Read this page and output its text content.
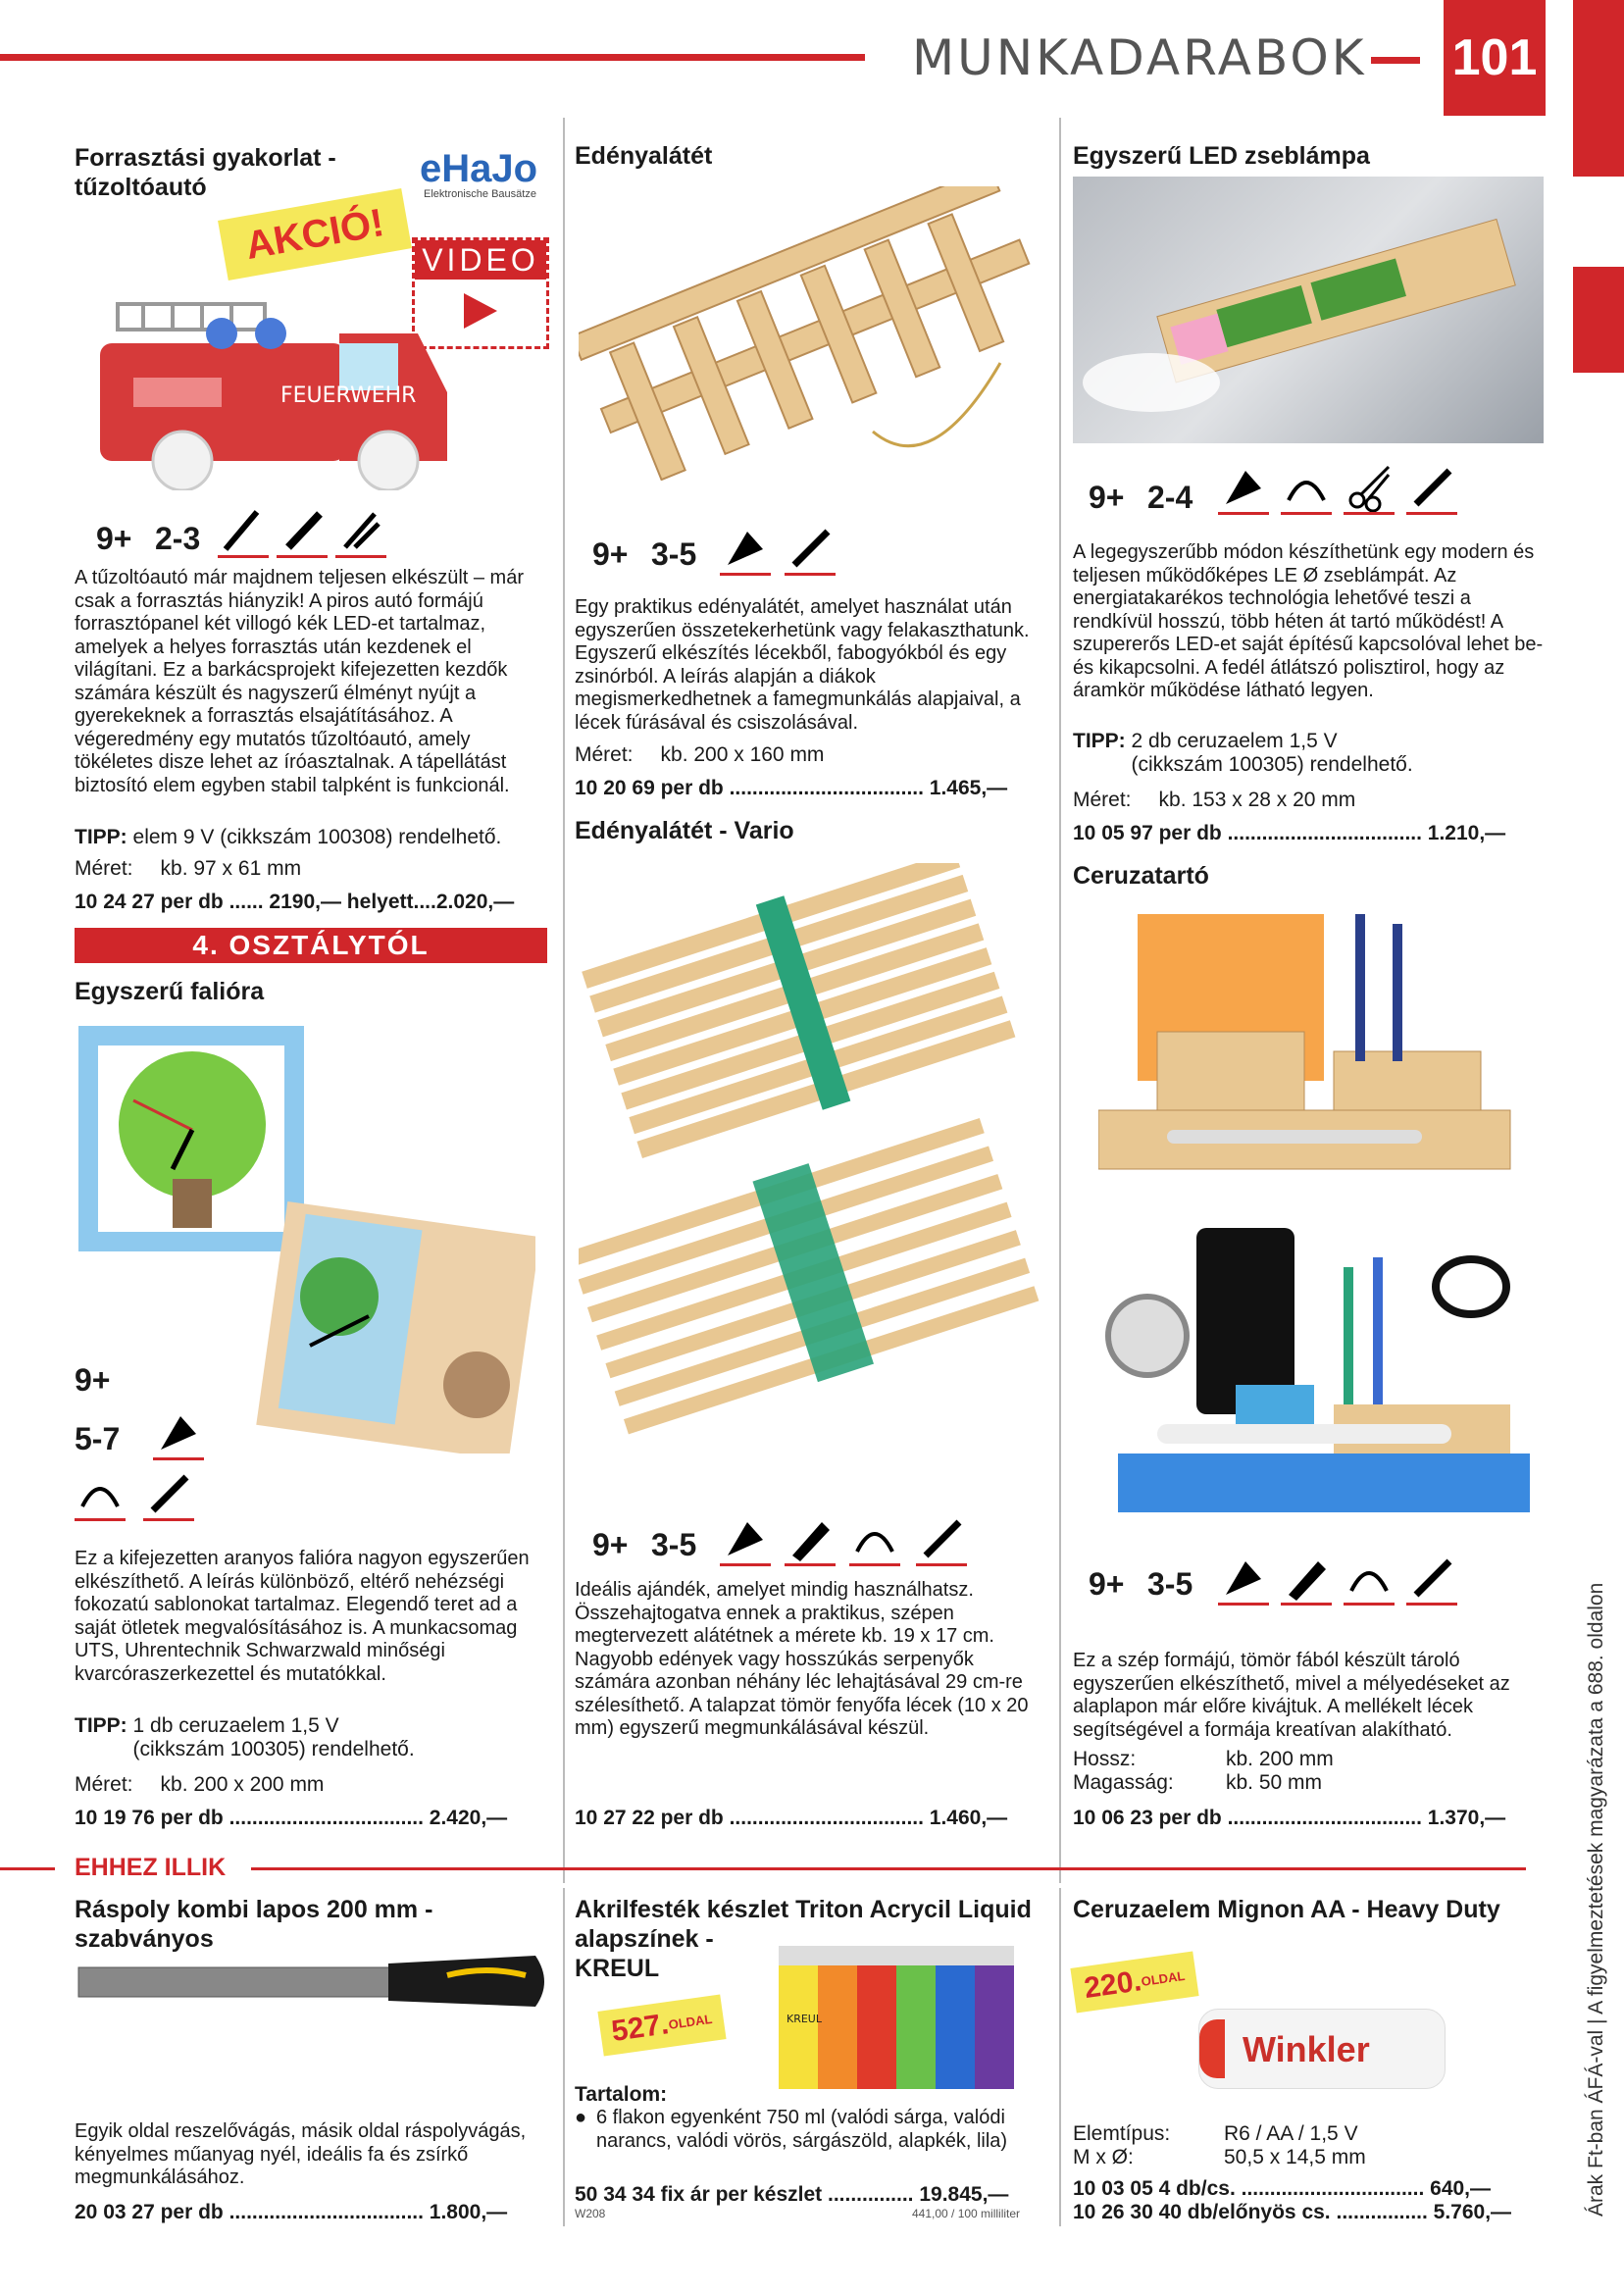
MUNKADARABOK 101
Forrasztási gyakorlat -
tűzoltóautó	eHaJo
Elektronische Bausätze
AKCIÓ!	VIDEO
FEUERWEHR
9+ 2-3
A tűzoltóautó már majdnem teljesen elkészült – már csak a forrasztás hiányzik! A piros autó formájú forrasztópanel két villogó kék LED-et tartalmaz, amelyek a helyes forrasztás után kezdenek el világítani. Ez a barkácsprojekt kifejezetten kezdők számára készült és nagyszerű élményt nyújt a gyerekeknek a forrasztás elsajátításához. A végeredmény egy mutatós tűzoltóautó, amely tökéletes disze lehet az íróasztalnak. A tápellátást biztosító elem egyben stabil talpként is funkcionál.
TIPP: elem 9 V (cikkszám 100308) rendelhető.
Méret: kb. 97 x 61 mm
10 24 27 per db ...... 2190,— helyett....2.020,—
4. OSZTÁLYTÓL
Egyszerű falióra
9+
5-7
Ez a kifejezetten aranyos falióra nagyon egyszerűen elkészíthető. A leírás különböző, eltérő nehézségi fokozatú sablonokat tartalmaz. Elegendő teret ad a saját ötletek megvalósításához is. A munkacsomag UTS, Uhrentechnik Schwarzwald minőségi kvarcóraszerkezettel és mutatókkal.
TIPP: 1 db ceruzaelem 1,5 V
(cikkszám 100305) rendelhető.
Méret: kb. 200 x 200 mm
10 19 76 per db .................................. 2.420,—
Edényalátét
9+ 3-5
Egy praktikus edényalátét, amelyet használat után egyszerűen összetekerhetünk vagy felakaszthatunk. Egyszerű elkészítés lécekből, fabogyókból és egy zsinórból. A leírás alapján a diákok megismerkedhetnek a famegmunkálás alapjaival, a lécek fúrásával és csiszolásával.
Méret: kb. 200 x 160 mm
10 20 69 per db .................................. 1.465,—
Edényalátét - Vario
9+ 3-5
Ideális ajándék, amelyet mindig használhatsz. Összehajtogatva ennek a praktikus, szépen megtervezett alátétnek a mérete kb. 19 x 17 cm. Nagyobb edények vagy hosszúkás serpenyők számára azonban néhány léc lehajtásával 29 cm-re szélesíthető. A talapzat tömör fenyőfa lécek (10 x 20 mm) egyszerű megmunkálásával készül.
10 27 22 per db .................................. 1.460,—
Egyszerű LED zseblámpa
9+ 2-4
A legegyszerűbb módon készíthetünk egy modern és teljesen működőképes LE Ø zseblámpát. Az energiatakarékos technológia lehetővé teszi a rendkívül hosszú, több héten át tartó működést! A szupererős LED-et saját építésű kapcsolóval lehet be- és kikapcsolni. A fedél átlátszó polisztirol, hogy az áramkör működése látható legyen.
TIPP: 2 db ceruzaelem 1,5 V
(cikkszám 100305) rendelhető.
Méret: kb. 153 x 28 x 20 mm
10 05 97 per db .................................. 1.210,—
Ceruzatartó
9+ 3-5
Ez a szép formájú, tömör fából készült tároló egyszerűen elkészíthető, mivel a mélyedéseket az alaplapon már előre kivájtuk. A mellékelt lécek segítségével a formája kreatívan alakítható.
Hossz:	kb. 200 mm
Magasság:	kb. 50 mm
10 06 23 per db .................................. 1.370,—
EHHEZ ILLIK
Ráspoly kombi lapos 200 mm -
szabványos
Egyik oldal reszelővágás, másik oldal ráspolyvágás, kényelmes műanyag nyél, ideális fa és zsírkő megmunkálásához.
20 03 27 per db .................................. 1.800,—
Akrilfesték készlet Triton Acrycil Liquid
alapszínek -
KREUL
527.
OLDAL	KREUL
Tartalom:
● 6 flakon egyenként 750 ml (valódi sárga, valódi narancs, valódi vörös, sárgászöld, alapkék, lila)
50 34 34 fix ár per készlet ............... 19.845,—
W208	441,00 / 100 milliliter
Ceruzaelem Mignon AA - Heavy Duty
220.
OLDAL
Winkler
Elemtípus:	R6 / AA / 1,5 V
M x Ø:	50,5 x 14,5 mm
10 03 05 4 db/cs. ................................ 640,—
10 26 30 40 db/előnyös cs. ................ 5.760,—	Árak Ft-ban ÁFÁ-val | A figyelmeztetések magyarázata a 688. oldalon
